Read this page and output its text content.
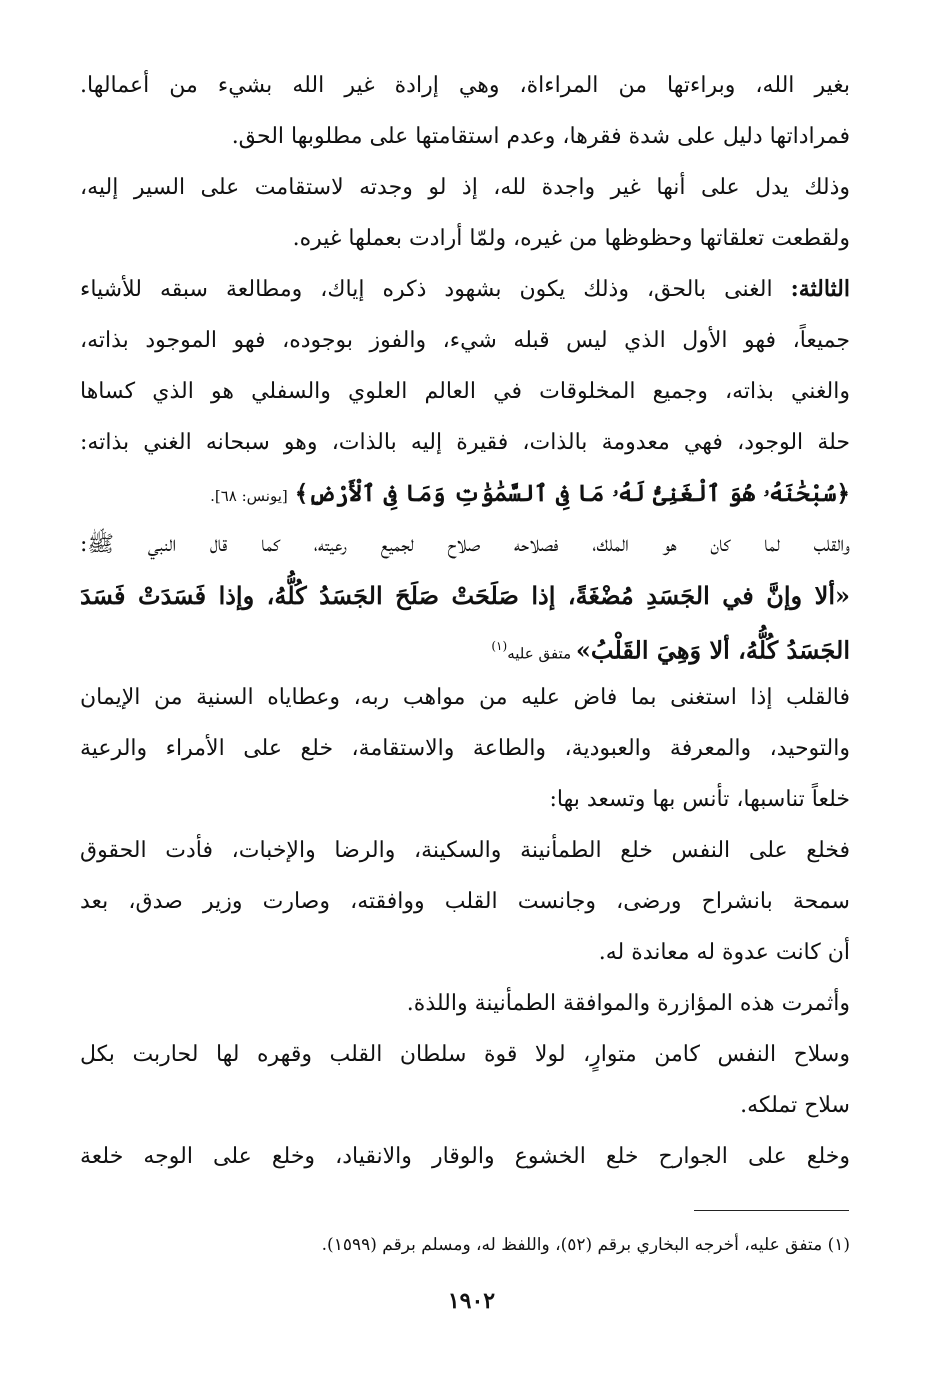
بغير الله، وبراءتها من المراءاة، وهي إرادة غير الله بشيء من أعمالها.
فمراداتها دليل على شدة فقرها، وعدم استقامتها على مطلوبها الحق.
وذلك يدل على أنها غير واجدة لله، إذ لو وجدته لاستقامت على السير إليه،
ولقطعت تعلقاتها وحظوظها من غيره، ولمّا أرادت بعملها غيره.
الثالثة: الغنى بالحق، وذلك يكون بشهود ذكره إياك، ومطالعة سبقه للأشياء
جميعاً، فهو الأول الذي ليس قبله شيء، والفوز بوجوده، فهو الموجود بذاته،
والغني بذاته، وجميع المخلوقات في العالم العلوي والسفلي هو الذي كساها
حلة الوجود، فهي معدومة بالذات، فقيرة إليه بالذات، وهو سبحانه الغني بذاته:
﴿سُبْحَٰنَهُۥ هُوَ ٱلْغَنِىُّ لَهُۥ مَا فِى ٱلسَّمَٰوَٰتِ وَمَا فِى ٱلْأَرْضِ﴾ [يونس: ٦٨].
والقلب لما كان هو الملك، فصلاحه صلاح لجميع رعيته، كما قال النبي ﷺ:
«ألا وإنَّ في الجَسَدِ مُضْغَةً، إذا صَلَحَتْ صَلَحَ الجَسَدُ كُلُّهُ، وإذا فَسَدَتْ فَسَدَ
الجَسَدُ كُلُّهُ، ألا وَهِيَ القَلْبُ» متفق عليه$^{(١)}$
فالقلب إذا استغنى بما فاض عليه من مواهب ربه، وعطاياه السنية من الإيمان
والتوحيد، والمعرفة والعبودية، والطاعة والاستقامة، خلع على الأمراء والرعية
خلعاً تناسبها، تأنس بها وتسعد بها:
فخلع على النفس خلع الطمأنينة والسكينة، والرضا والإخبات، فأدت الحقوق
سمحة بانشراح ورضى، وجانست القلب ووافقته، وصارت وزير صدق، بعد
أن كانت عدوة له معاندة له.
وأثمرت هذه المؤازرة والموافقة الطمأنينة واللذة.
وسلاح النفس كامن متوارٍ، لولا قوة سلطان القلب وقهره لها لحاربت بكل
سلاح تملكه.
وخلع على الجوارح خلع الخشوع والوقار والانقياد، وخلع على الوجه خلعة
(١) متفق عليه، أخرجه البخاري برقم (٥٢)، واللفظ له، ومسلم برقم (١٥٩٩).
١٩٠٢
